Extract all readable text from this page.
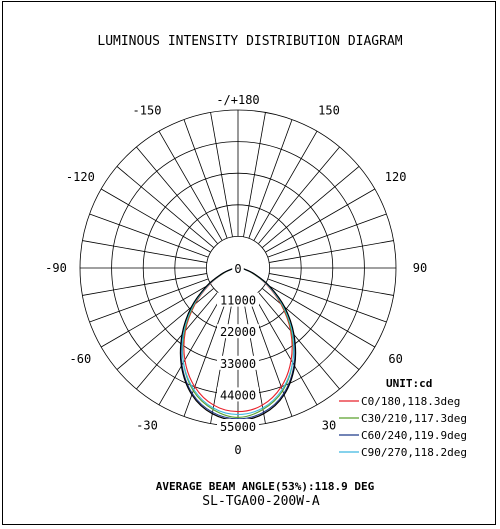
LUMINOUS INTENSITY DISTRIBUTION DIAGRAM
-/+180
-150	150
-120	120
-90	90
-60	60
-30	30
0
0
11000
22000
33000
44000
55000
UNIT:cd
C0/180,118.3deg
C30/210,117.3deg
C60/240,119.9deg
C90/270,118.2deg
AVERAGE BEAM ANGLE(53%):118.9 DEG
SL-TGA00-200W-A
